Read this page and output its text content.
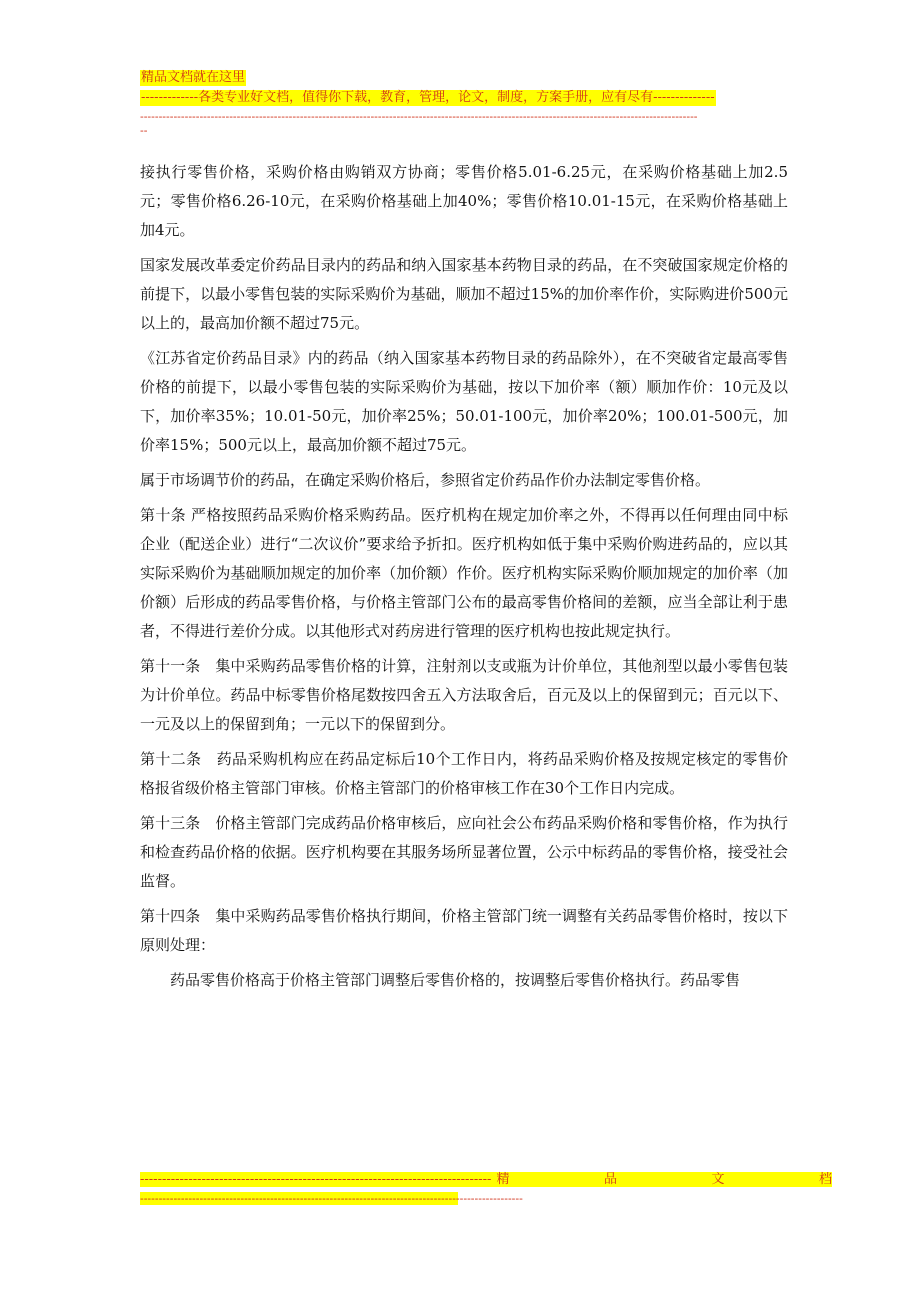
精品文档就在这里
-------------各类专业好文档，值得你下载，教育，管理，论文，制度，方案手册，应有尽有--------------
------------------------------------------------------------------------------------------------------------------------------------------------------
--

接执行零售价格，采购价格由购销双方协商；零售价格5.01-6.25元，在采购价格基础上加2.5元；零售价格6.26-10元，在采购价格基础上加40%；零售价格10.01-15元，在采购价格基础上加4元。

国家发展改革委定价药品目录内的药品和纳入国家基本药物目录的药品，在不突破国家规定价格的前提下，以最小零售包装的实际采购价为基础，顺加不超过15%的加价率作价，实际购进价500元以上的，最高加价额不超过75元。

《江苏省定价药品目录》内的药品（纳入国家基本药物目录的药品除外），在不突破省定最高零售价格的前提下，以最小零售包装的实际采购价为基础，按以下加价率（额）顺加作价：10元及以下，加价率35%；10.01-50元，加价率25%；50.01-100元，加价率20%；100.01-500元，加价率15%；500元以上，最高加价额不超过75元。

属于市场调节价的药品，在确定采购价格后，参照省定价药品作价办法制定零售价格。

第十条 严格按照药品采购价格采购药品。医疗机构在规定加价率之外，不得再以任何理由同中标企业（配送企业）进行“二次议价”要求给予折扣。医疗机构如低于集中采购价购进药品的，应以其实际采购价为基础顺加规定的加价率（加价额）作价。医疗机构实际采购价顺加规定的加价率（加价额）后形成的药品零售价格，与价格主管部门公布的最高零售价格间的差额，应当全部让利于患者，不得进行差价分成。以其他形式对药房进行管理的医疗机构也按此规定执行。

第十一条　集中采购药品零售价格的计算，注射剂以支或瓶为计价单位，其他剂型以最小零售包装为计价单位。药品中标零售价格尾数按四舍五入方法取舍后，百元及以上的保留到元；百元以下、一元及以上的保留到角；一元以下的保留到分。

第十二条　药品采购机构应在药品定标后10个工作日内，将药品采购价格及按规定核定的零售价格报省级价格主管部门审核。价格主管部门的价格审核工作在30个工作日内完成。

第十三条　价格主管部门完成药品价格审核后，应向社会公布药品采购价格和零售价格，作为执行和检查药品价格的依据。医疗机构要在其服务场所显著位置，公示中标药品的零售价格，接受社会监督。

第十四条　集中采购药品零售价格执行期间，价格主管部门统一调整有关药品零售价格时，按以下原则处理：

药品零售价格高于价格主管部门调整后零售价格的，按调整后零售价格执行。药品零售

-------------------------------------------------------------------------------- 精	品	文	档
-------------------------------------------------------------------------------------------------------
